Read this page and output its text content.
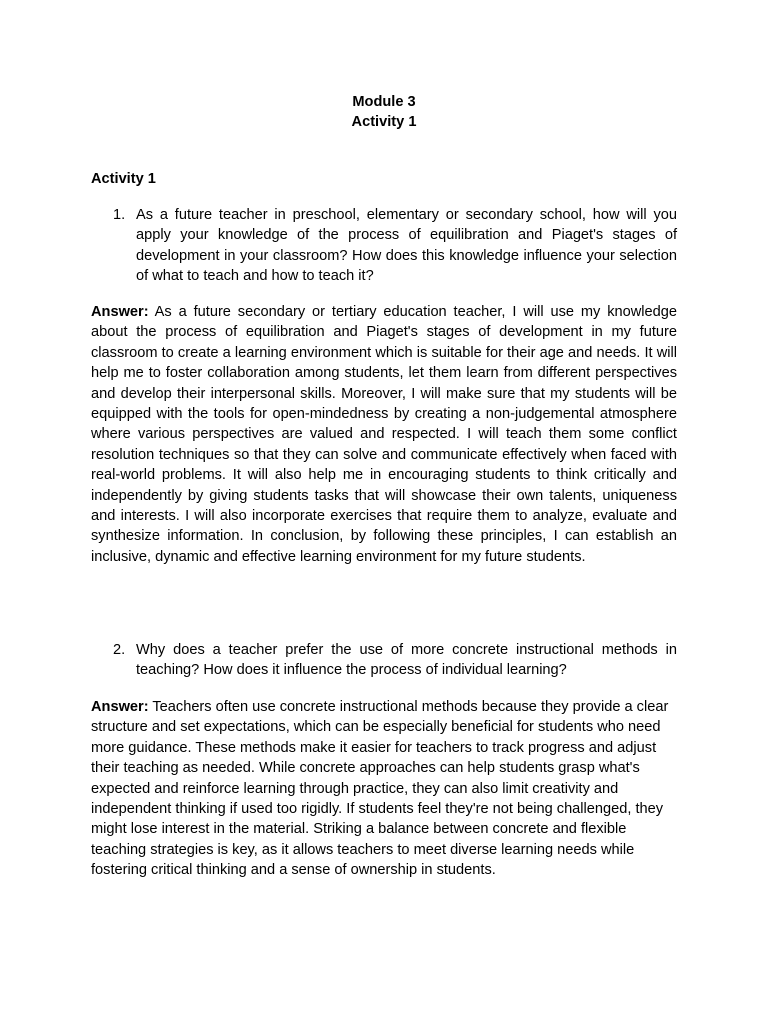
Module 3
Activity 1
Activity 1
1. As a future teacher in preschool, elementary or secondary school, how will you apply your knowledge of the process of equilibration and Piaget's stages of development in your classroom? How does this knowledge influence your selection of what to teach and how to teach it?
Answer: As a future secondary or tertiary education teacher, I will use my knowledge about the process of equilibration and Piaget's stages of development in my future classroom to create a learning environment which is suitable for their age and needs. It will help me to foster collaboration among students, let them learn from different perspectives and develop their interpersonal skills. Moreover, I will make sure that my students will be equipped with the tools for open-mindedness by creating a non-judgemental atmosphere where various perspectives are valued and respected. I will teach them some conflict resolution techniques so that they can solve and communicate effectively when faced with real-world problems. It will also help me in encouraging students to think critically and independently by giving students tasks that will showcase their own talents, uniqueness and interests. I will also incorporate exercises that require them to analyze, evaluate and synthesize information. In conclusion, by following these principles, I can establish an inclusive, dynamic and effective learning environment for my future students.
2. Why does a teacher prefer the use of more concrete instructional methods in teaching? How does it influence the process of individual learning?
Answer: Teachers often use concrete instructional methods because they provide a clear structure and set expectations, which can be especially beneficial for students who need more guidance. These methods make it easier for teachers to track progress and adjust their teaching as needed. While concrete approaches can help students grasp what's expected and reinforce learning through practice, they can also limit creativity and independent thinking if used too rigidly. If students feel they're not being challenged, they might lose interest in the material. Striking a balance between concrete and flexible teaching strategies is key, as it allows teachers to meet diverse learning needs while fostering critical thinking and a sense of ownership in students.
